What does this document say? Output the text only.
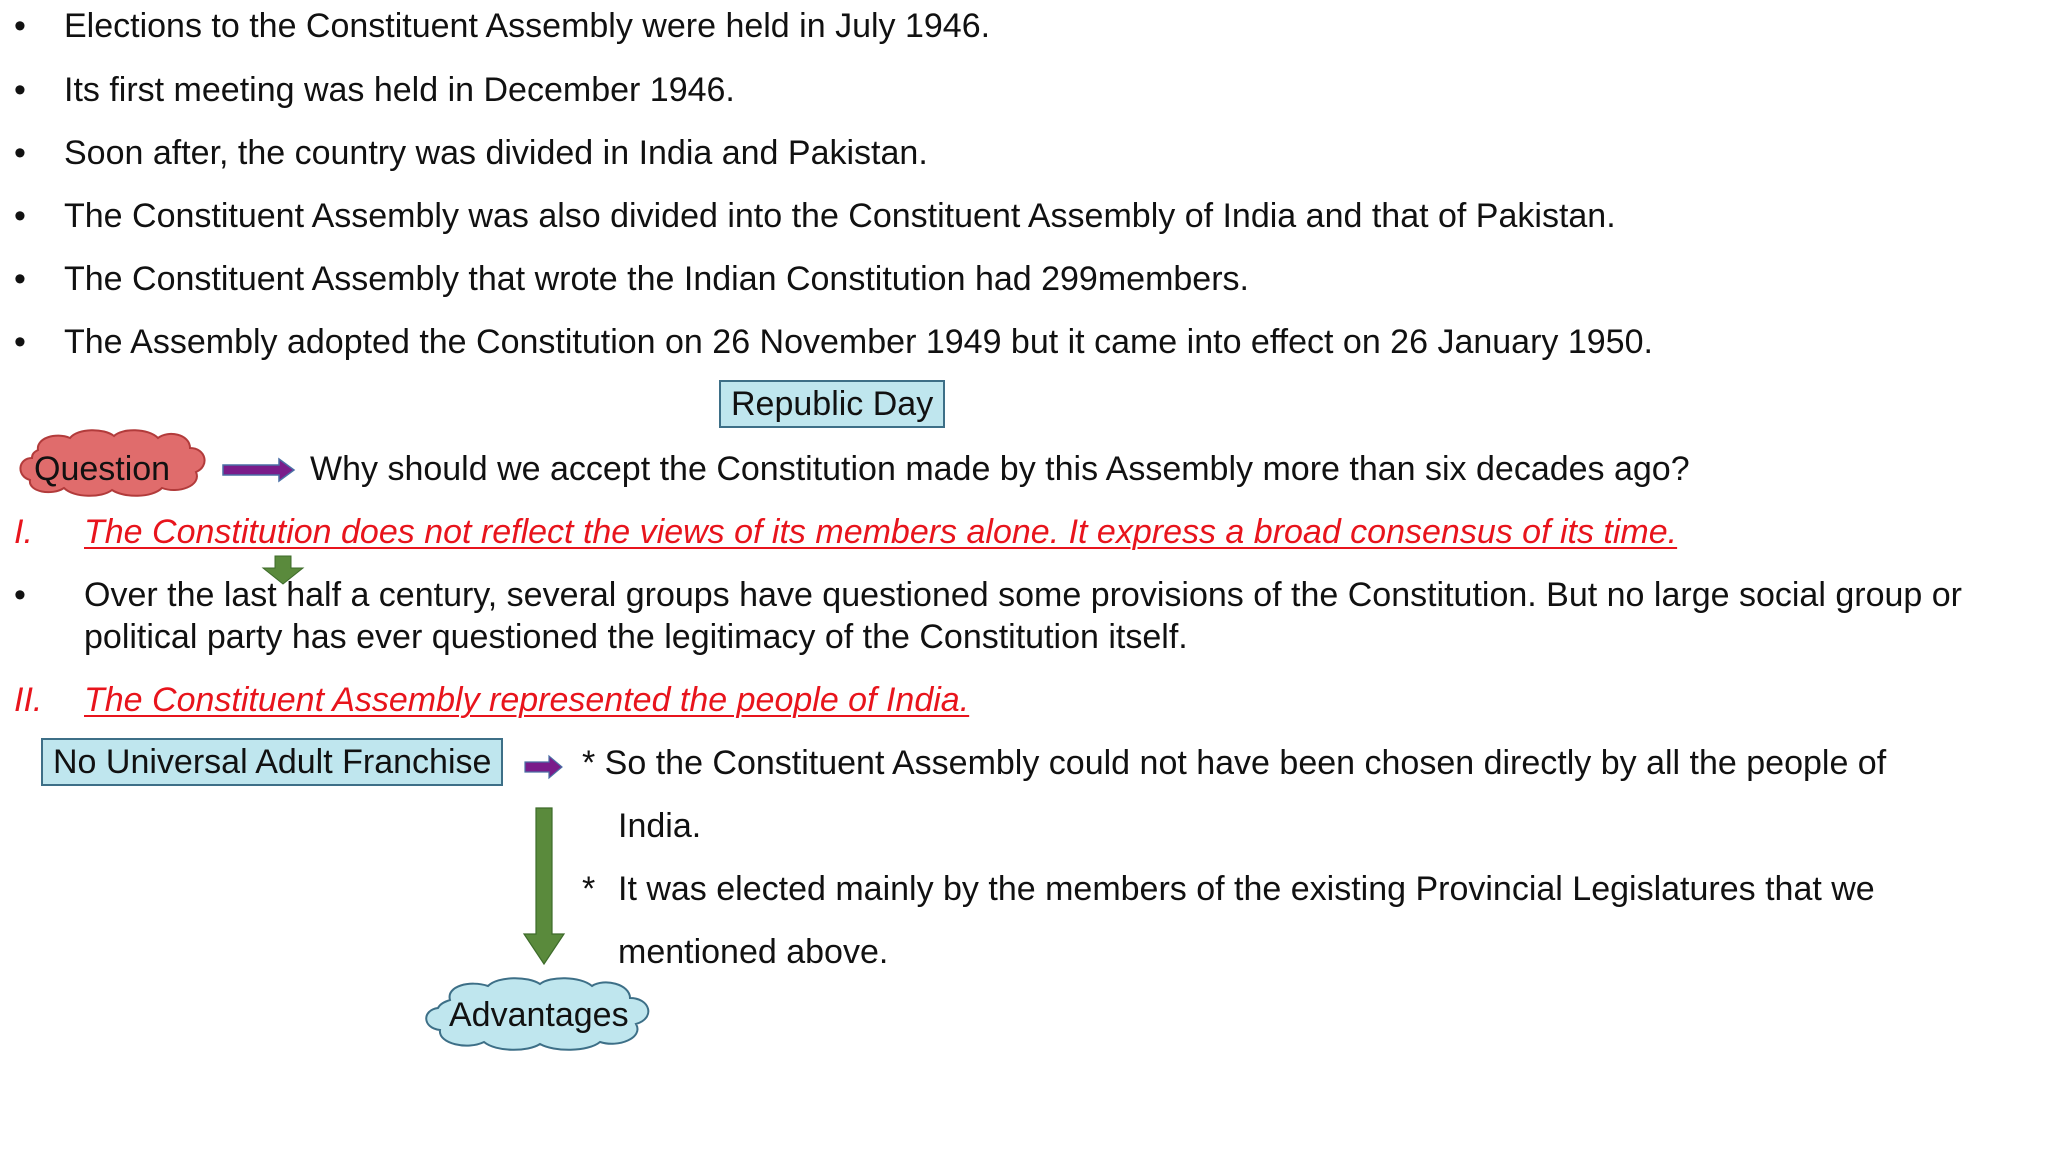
• Elections to the Constituent Assembly were held in July 1946.
• Its first meeting was held in December 1946.
• Soon after, the country was divided in India and Pakistan.
• The Constituent Assembly was also divided into the Constituent Assembly of India and that of Pakistan.
• The Constituent Assembly that wrote the Indian Constitution had 299members.
• The Assembly adopted the Constitution on 26 November 1949 but it came into effect on 26 January 1950.
Republic Day
Question	Why should we accept the Constitution made by this Assembly more than six decades ago?
I. The Constitution does not reflect the views of its members alone. It express a broad consensus of its time.
• Over the last half a century, several groups have questioned some provisions of the Constitution. But no large social group or
political party has ever questioned the legitimacy of the Constitution itself.
II. The Constituent Assembly represented the people of India.
No Universal Adult Franchise	* So the Constituent Assembly could not have been chosen directly by all the people of
India.
* It was elected mainly by the members of the existing Provincial Legislatures that we
mentioned above.
Advantages
